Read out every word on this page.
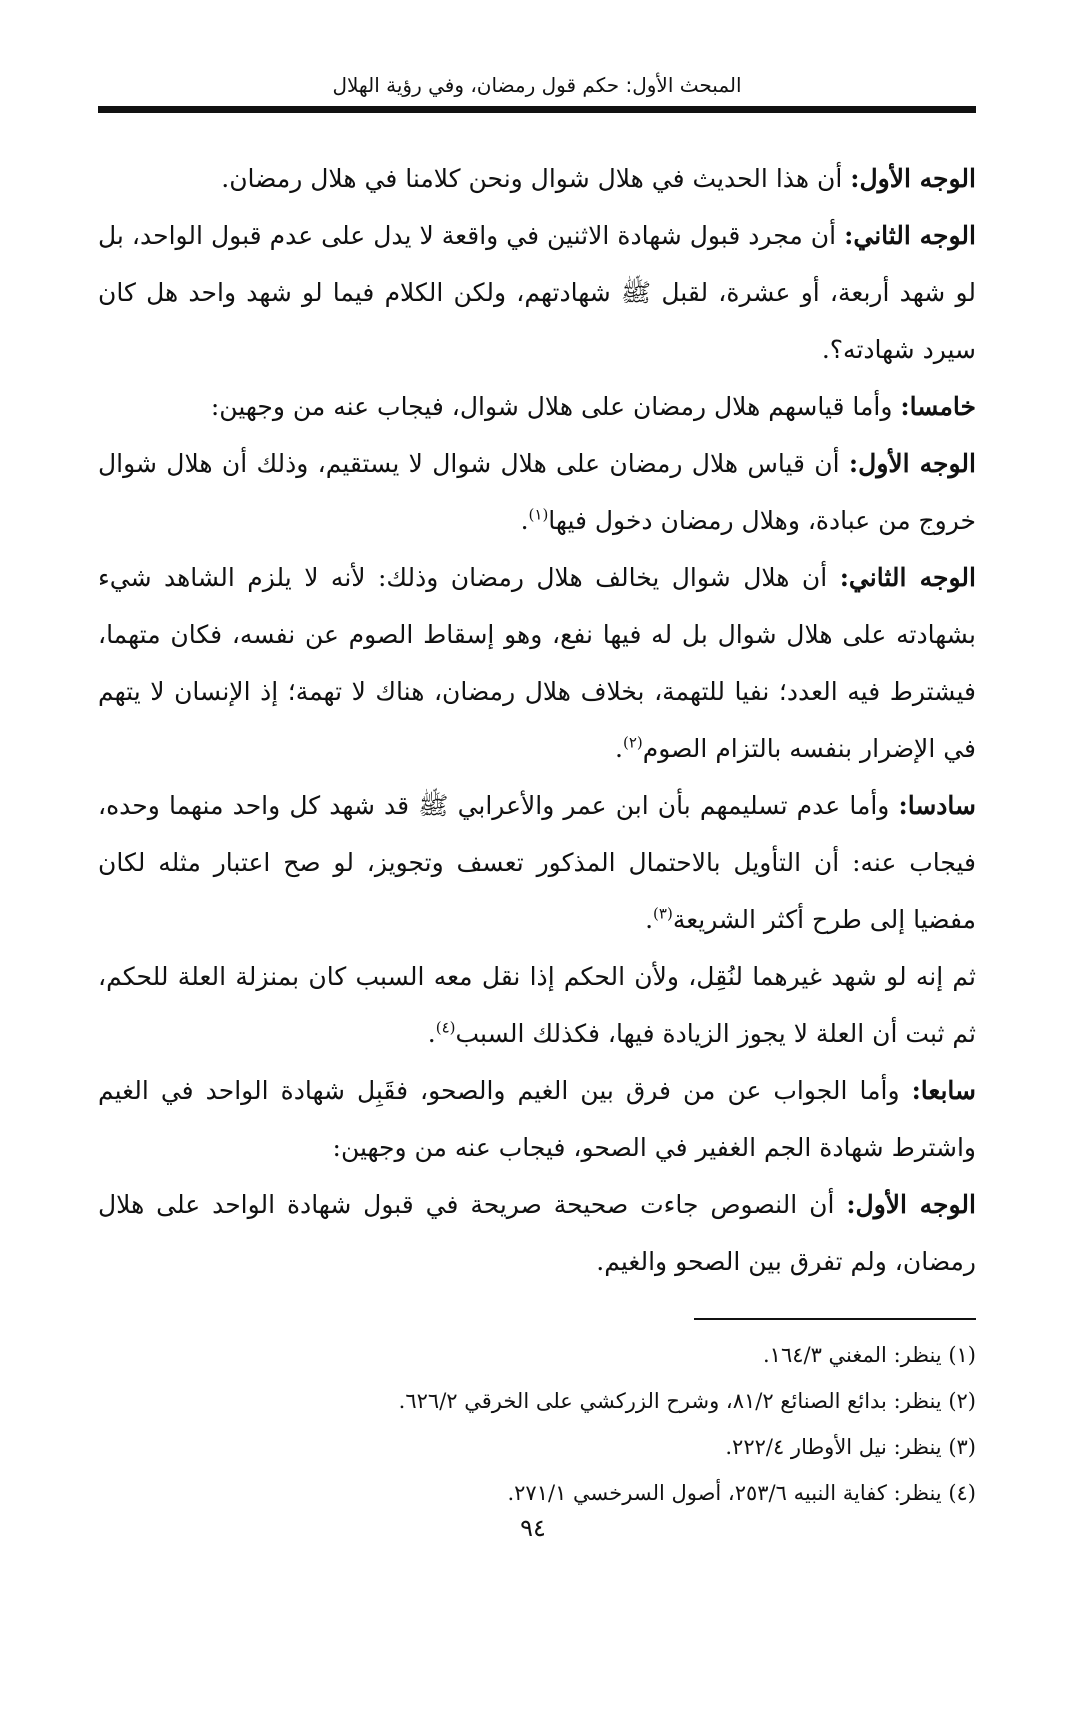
المبحث الأول: حكم قول رمضان، وفي رؤية الهلال

الوجه الأول: أن هذا الحديث في هلال شوال ونحن كلامنا في هلال رمضان.

الوجه الثاني: أن مجرد قبول شهادة الاثنين في واقعة لا يدل على عدم قبول الواحد، بل لو شهد أربعة، أو عشرة، لقبل ﷺ شهادتهم، ولكن الكلام فيما لو شهد واحد هل كان سيرد شهادته؟.

خامسا: وأما قياسهم هلال رمضان على هلال شوال، فيجاب عنه من وجهين:

الوجه الأول: أن قياس هلال رمضان على هلال شوال لا يستقيم، وذلك أن هلال شوال خروج من عبادة، وهلال رمضان دخول فيها$^{(١)}$.

الوجه الثاني: أن هلال شوال يخالف هلال رمضان وذلك: لأنه لا يلزم الشاهد شيء بشهادته على هلال شوال بل له فيها نفع، وهو إسقاط الصوم عن نفسه، فكان متهما، فيشترط فيه العدد؛ نفيا للتهمة، بخلاف هلال رمضان، هناك لا تهمة؛ إذ الإنسان لا يتهم في الإضرار بنفسه بالتزام الصوم$^{(٢)}$.

سادسا: وأما عدم تسليمهم بأن ابن عمر والأعرابي ﷺ قد شهد كل واحد منهما وحده، فيجاب عنه: أن التأويل بالاحتمال المذكور تعسف وتجويز، لو صح اعتبار مثله لكان مفضيا إلى طرح أكثر الشريعة$^{(٣)}$.

ثم إنه لو شهد غيرهما لنُقِل، ولأن الحكم إذا نقل معه السبب كان بمنزلة العلة للحكم، ثم ثبت أن العلة لا يجوز الزيادة فيها، فكذلك السبب$^{(٤)}$.

سابعا: وأما الجواب عن من فرق بين الغيم والصحو، فقَبِل شهادة الواحد في الغيم واشترط شهادة الجم الغفير في الصحو، فيجاب عنه من وجهين:

الوجه الأول: أن النصوص جاءت صحيحة صريحة في قبول شهادة الواحد على هلال رمضان، ولم تفرق بين الصحو والغيم.

(١) ينظر: المغني ١٦٤/٣.

(٢) ينظر: بدائع الصنائع ٨١/٢، وشرح الزركشي على الخرقي ٦٢٦/٢.

(٣) ينظر: نيل الأوطار ٢٢٢/٤.

(٤) ينظر: كفاية النبيه ٢٥٣/٦، أصول السرخسي ٢٧١/١.

٩٤
